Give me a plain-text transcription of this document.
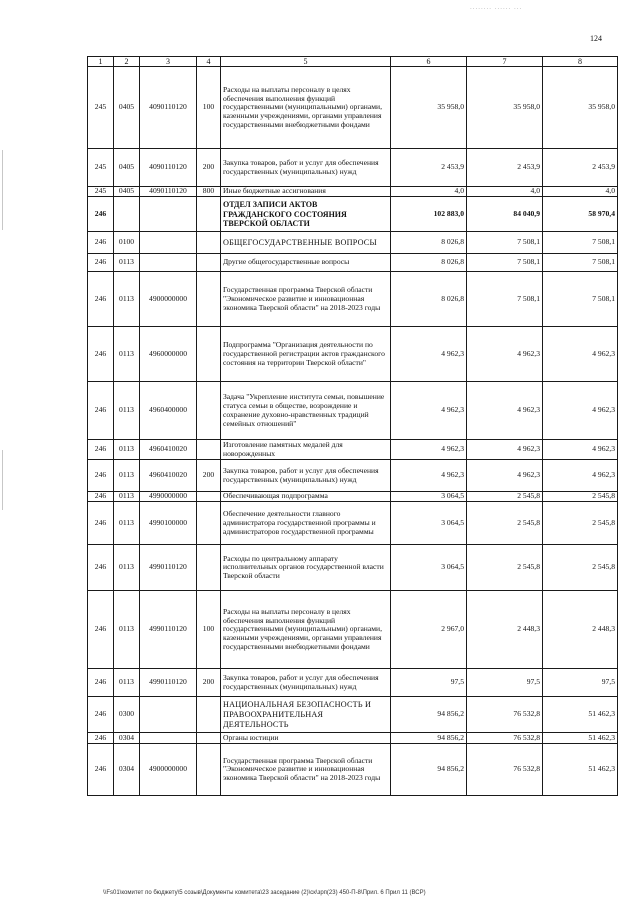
........ ...... ...
124
1	2	3	4	5	6	7	8
245	0405	4090110120	100	Расходы на выплаты персоналу в целях обеспечения выполнения функций государственными (муниципальными) органами, казенными учреждениями, органами управления государственными внебюджетными фондами	35 958,0	35 958,0	35 958,0
245	0405	4090110120	200	Закупка товаров, работ и услуг для обеспечения государственных (муниципальных) нужд	2 453,9	2 453,9	2 453,9
245	0405	4090110120	800	Иные бюджетные ассигнования	4,0	4,0	4,0
246				ОТДЕЛ ЗАПИСИ АКТОВ ГРАЖДАНСКОГО СОСТОЯНИЯ ТВЕРСКОЙ ОБЛАСТИ	102 883,0	84 040,9	58 970,4
246	0100			ОБЩЕГОСУДАРСТВЕННЫЕ ВОПРОСЫ	8 026,8	7 508,1	7 508,1
246	0113			Другие общегосударственные вопросы	8 026,8	7 508,1	7 508,1
246	0113	4900000000		Государственная программа Тверской области "Экономическое развитие и инновационная экономика Тверской области" на 2018-2023 годы	8 026,8	7 508,1	7 508,1
246	0113	4960000000		Подпрограмма "Организация деятельности по государственной регистрации актов гражданского состояния на территории Тверской области"	4 962,3	4 962,3	4 962,3
246	0113	4960400000		Задача "Укрепление института семьи, повышение статуса семьи в обществе, возрождение и сохранение духовно-нравственных традиций семейных отношений"	4 962,3	4 962,3	4 962,3
246	0113	4960410020		Изготовление памятных медалей для новорожденных	4 962,3	4 962,3	4 962,3
246	0113	4960410020	200	Закупка товаров, работ и услуг для обеспечения государственных (муниципальных) нужд	4 962,3	4 962,3	4 962,3
246	0113	4990000000		Обеспечивающая подпрограмма	3 064,5	2 545,8	2 545,8
246	0113	4990100000		Обеспечение деятельности главного администратора государственной программы и администраторов государственной программы	3 064,5	2 545,8	2 545,8
246	0113	4990110120		Расходы по центральному аппарату исполнительных органов государственной власти Тверской области	3 064,5	2 545,8	2 545,8
246	0113	4990110120	100	Расходы на выплаты персоналу в целях обеспечения выполнения функций государственными (муниципальными) органами, казенными учреждениями, органами управления государственными внебюджетными фондами	2 967,0	2 448,3	2 448,3
246	0113	4990110120	200	Закупка товаров, работ и услуг для обеспечения государственных (муниципальных) нужд	97,5	97,5	97,5
246	0300			НАЦИОНАЛЬНАЯ БЕЗОПАСНОСТЬ И ПРАВООХРАНИТЕЛЬНАЯ ДЕЯТЕЛЬНОСТЬ	94 856,2	76 532,8	51 462,3
246	0304			Органы юстиции	94 856,2	76 532,8	51 462,3
246	0304	4900000000		Государственная программа Тверской области "Экономическое развитие и инновационная экономика Тверской области" на 2018-2023 годы	94 856,2	76 532,8	51 462,3
\\Fs01\комитет по бюджету\5 созыв\Документы комитета\23 заседание (2)\ск\зрп(23) 450-П-8\Прил. 6 Прил 11 (ВСР)
